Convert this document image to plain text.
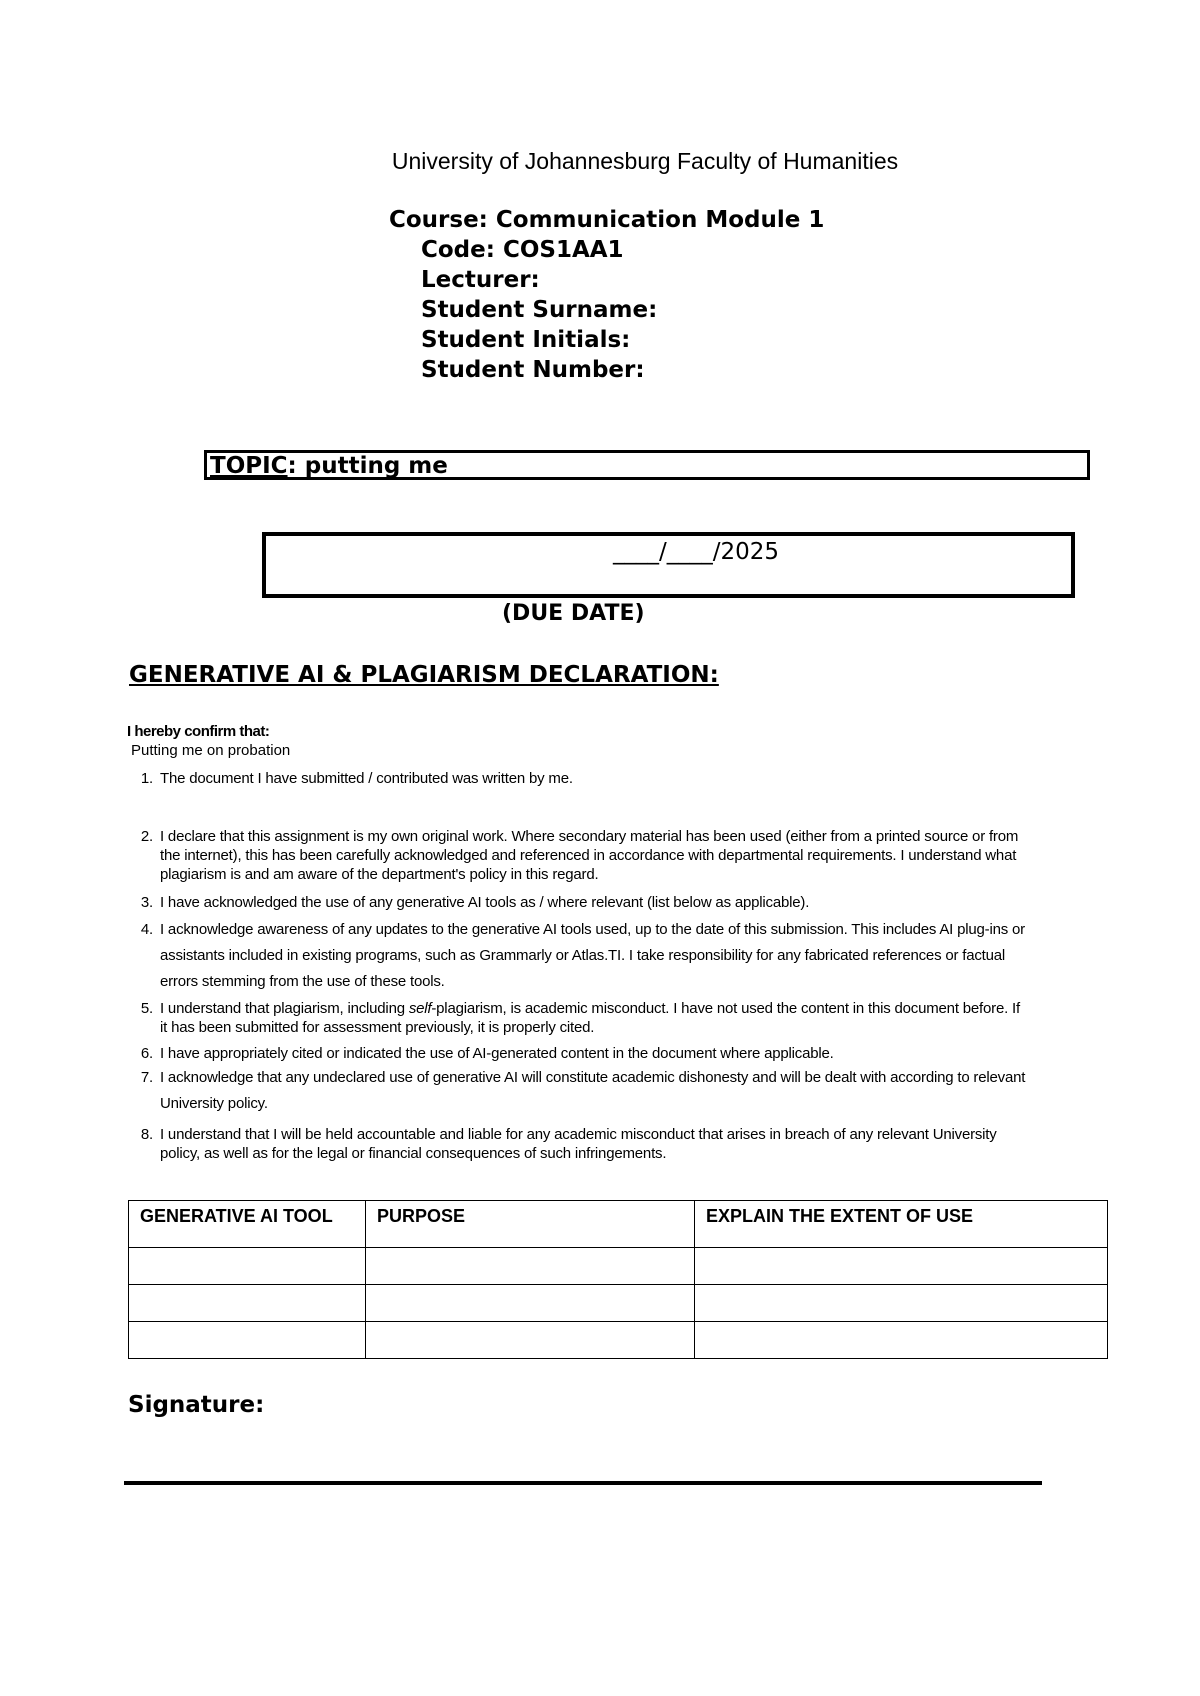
University of Johannesburg Faculty of Humanities
Course: Communication Module 1
Code: COS1AA1
Lecturer:
Student Surname:
Student Initials:
Student Number:
TOPIC: putting me
____/____/2025
(DUE DATE)
GENERATIVE AI & PLAGIARISM DECLARATION:
I hereby confirm that:
Putting me on probation
1. The document I have submitted / contributed was written by me.
2. I declare that this assignment is my own original work. Where secondary material has been used (either from a printed source or from the internet), this has been carefully acknowledged and referenced in accordance with departmental requirements. I understand what plagiarism is and am aware of the department's policy in this regard.
3. I have acknowledged the use of any generative AI tools as / where relevant (list below as applicable).
4. I acknowledge awareness of any updates to the generative AI tools used, up to the date of this submission. This includes AI plug-ins or assistants included in existing programs, such as Grammarly or Atlas.TI. I take responsibility for any fabricated references or factual errors stemming from the use of these tools.
5. I understand that plagiarism, including self-plagiarism, is academic misconduct. I have not used the content in this document before. If it has been submitted for assessment previously, it is properly cited.
6. I have appropriately cited or indicated the use of AI-generated content in the document where applicable.
7. I acknowledge that any undeclared use of generative AI will constitute academic dishonesty and will be dealt with according to relevant University policy.
8. I understand that I will be held accountable and liable for any academic misconduct that arises in breach of any relevant University policy, as well as for the legal or financial consequences of such infringements.
GENERATIVE AI TOOL	PURPOSE	EXPLAIN THE EXTENT OF USE

Signature:
